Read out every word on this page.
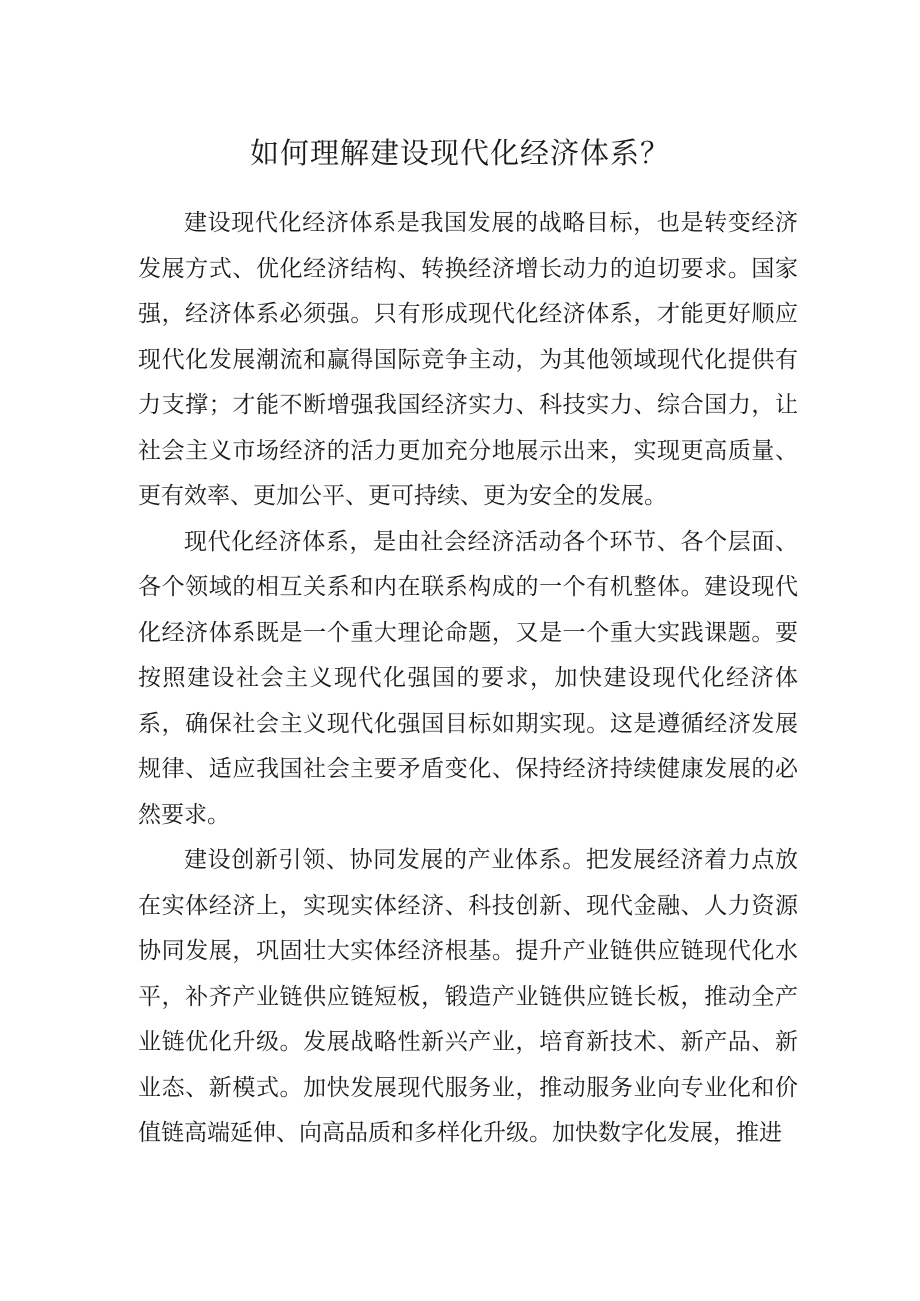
如何理解建设现代化经济体系？

建设现代化经济体系是我国发展的战略目标，也是转变经济发展方式、优化经济结构、转换经济增长动力的迫切要求。国家强，经济体系必须强。只有形成现代化经济体系，才能更好顺应现代化发展潮流和赢得国际竞争主动，为其他领域现代化提供有力支撑；才能不断增强我国经济实力、科技实力、综合国力，让社会主义市场经济的活力更加充分地展示出来，实现更高质量、更有效率、更加公平、更可持续、更为安全的发展。

现代化经济体系，是由社会经济活动各个环节、各个层面、各个领域的相互关系和内在联系构成的一个有机整体。建设现代化经济体系既是一个重大理论命题，又是一个重大实践课题。要按照建设社会主义现代化强国的要求，加快建设现代化经济体系，确保社会主义现代化强国目标如期实现。这是遵循经济发展规律、适应我国社会主要矛盾变化、保持经济持续健康发展的必然要求。

建设创新引领、协同发展的产业体系。把发展经济着力点放在实体经济上，实现实体经济、科技创新、现代金融、人力资源协同发展，巩固壮大实体经济根基。提升产业链供应链现代化水平，补齐产业链供应链短板，锻造产业链供应链长板，推动全产业链优化升级。发展战略性新兴产业，培育新技术、新产品、新业态、新模式。加快发展现代服务业，推动服务业向专业化和价值链高端延伸、向高品质和多样化升级。加快数字化发展，推进
